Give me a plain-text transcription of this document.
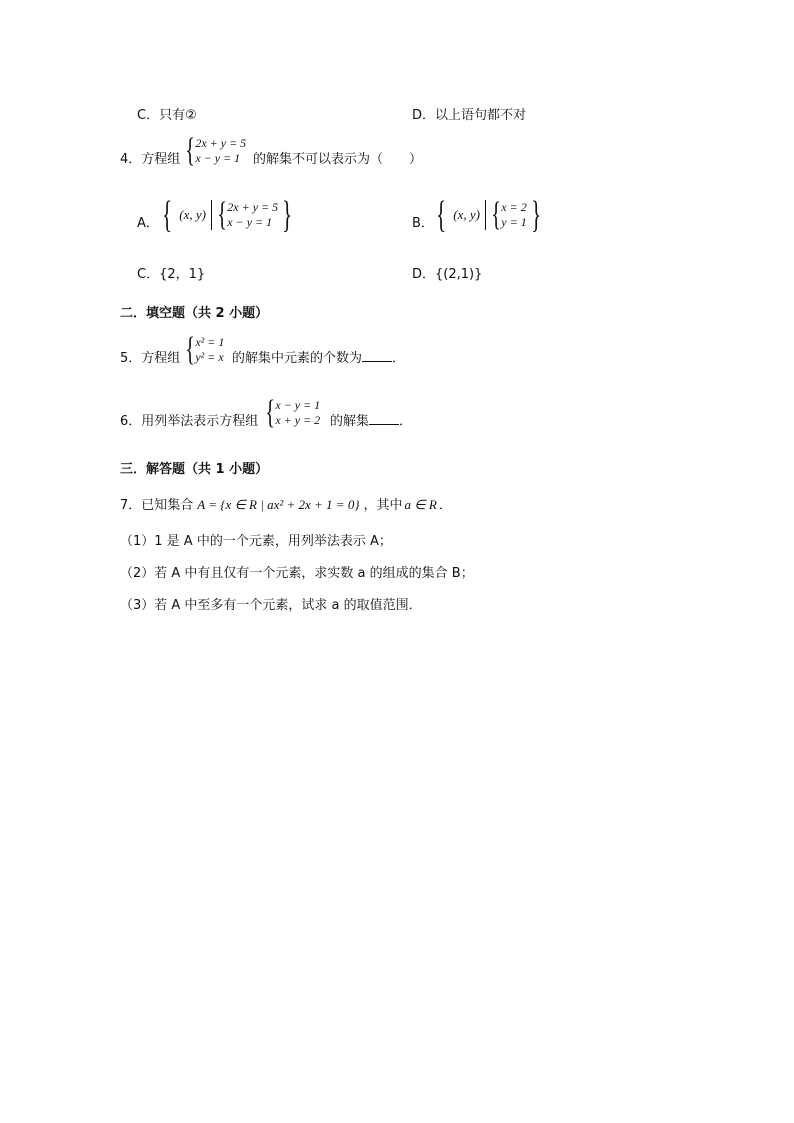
C．只有②	D．以上语句都不对
4．方程组 { 2x + y = 5
x − y = 1 的解集不可以表示为（　　）
A． { (x, y) { 2x + y = 5
x − y = 1 }	B． { (x, y) { x = 2
y = 1 }
C．{2，1}	D．{(2,1)}
二．填空题（共 2 小题）
5．方程组 { x² = 1
y² = x 的解集中元素的个数为 ．
6．用列举法表示方程组 { x − y = 1
x + y = 2 的解集 ．
三．解答题（共 1 小题）
7．已知集合 A = {x ∈ R | ax² + 2x + 1 = 0} ，其中 a ∈ R ．
（1）1 是 A 中的一个元素，用列举法表示 A；
（2）若 A 中有且仅有一个元素，求实数 a 的组成的集合 B；
（3）若 A 中至多有一个元素，试求 a 的取值范围．
